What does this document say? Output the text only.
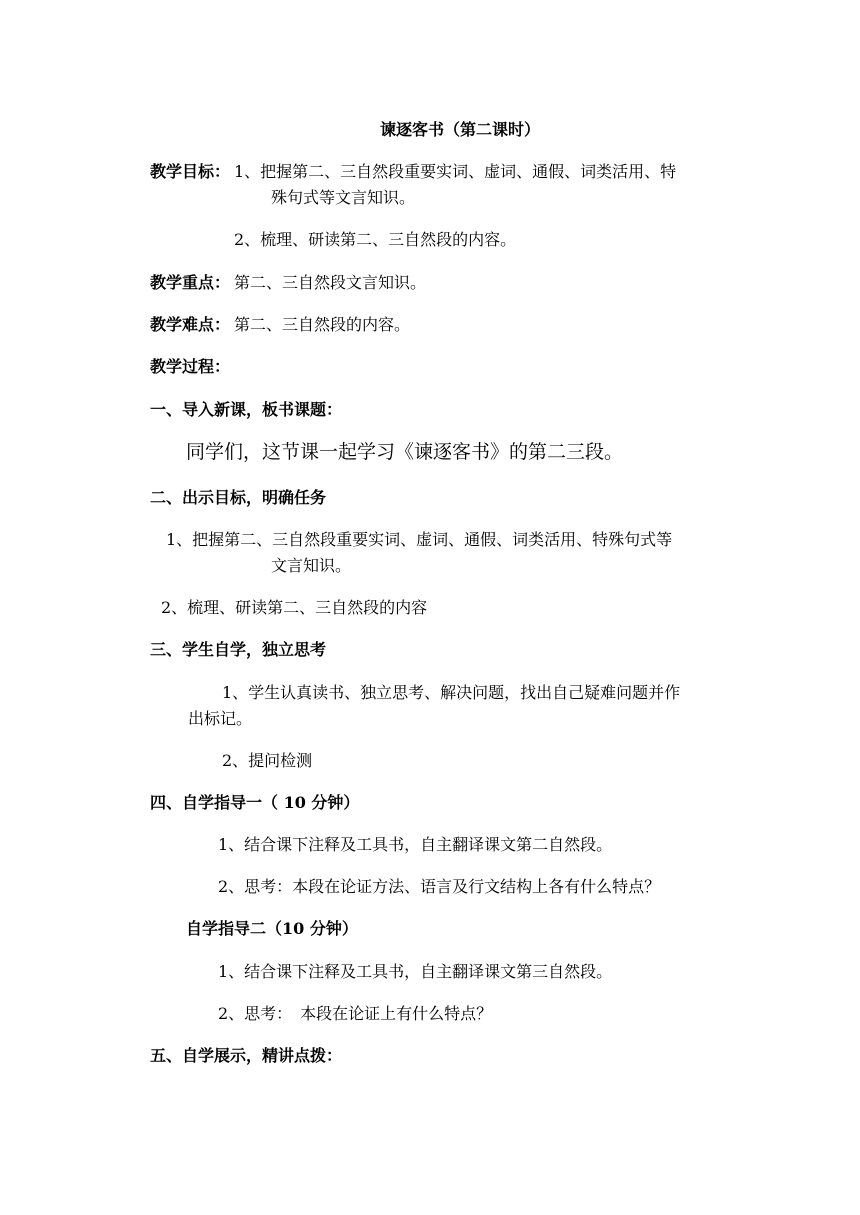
谏逐客书（第二课时）
教学目标： 1、把握第二、三自然段重要实词、虚词、通假、词类活用、特
殊句式等文言知识。
2、梳理、研读第二、三自然段的内容。
教学重点： 第二、三自然段文言知识。
教学难点： 第二、三自然段的内容。
教学过程：
一、导入新课，板书课题：
同学们，这节课一起学习《谏逐客书》的第二三段。
二、出示目标，明确任务
1、把握第二、三自然段重要实词、虚词、通假、词类活用、特殊句式等
文言知识。
2、梳理、研读第二、三自然段的内容
三、学生自学，独立思考
1、学生认真读书、独立思考、解决问题，找出自己疑难问题并作
出标记。
2、提问检测
四、自学指导一（ 10 分钟）
1、结合课下注释及工具书，自主翻译课文第二自然段。
2、思考：本段在论证方法、语言及行文结构上各有什么特点？
自学指导二（10 分钟）
1、结合课下注释及工具书，自主翻译课文第三自然段。
2、思考：　本段在论证上有什么特点？
五、自学展示，精讲点拨：
